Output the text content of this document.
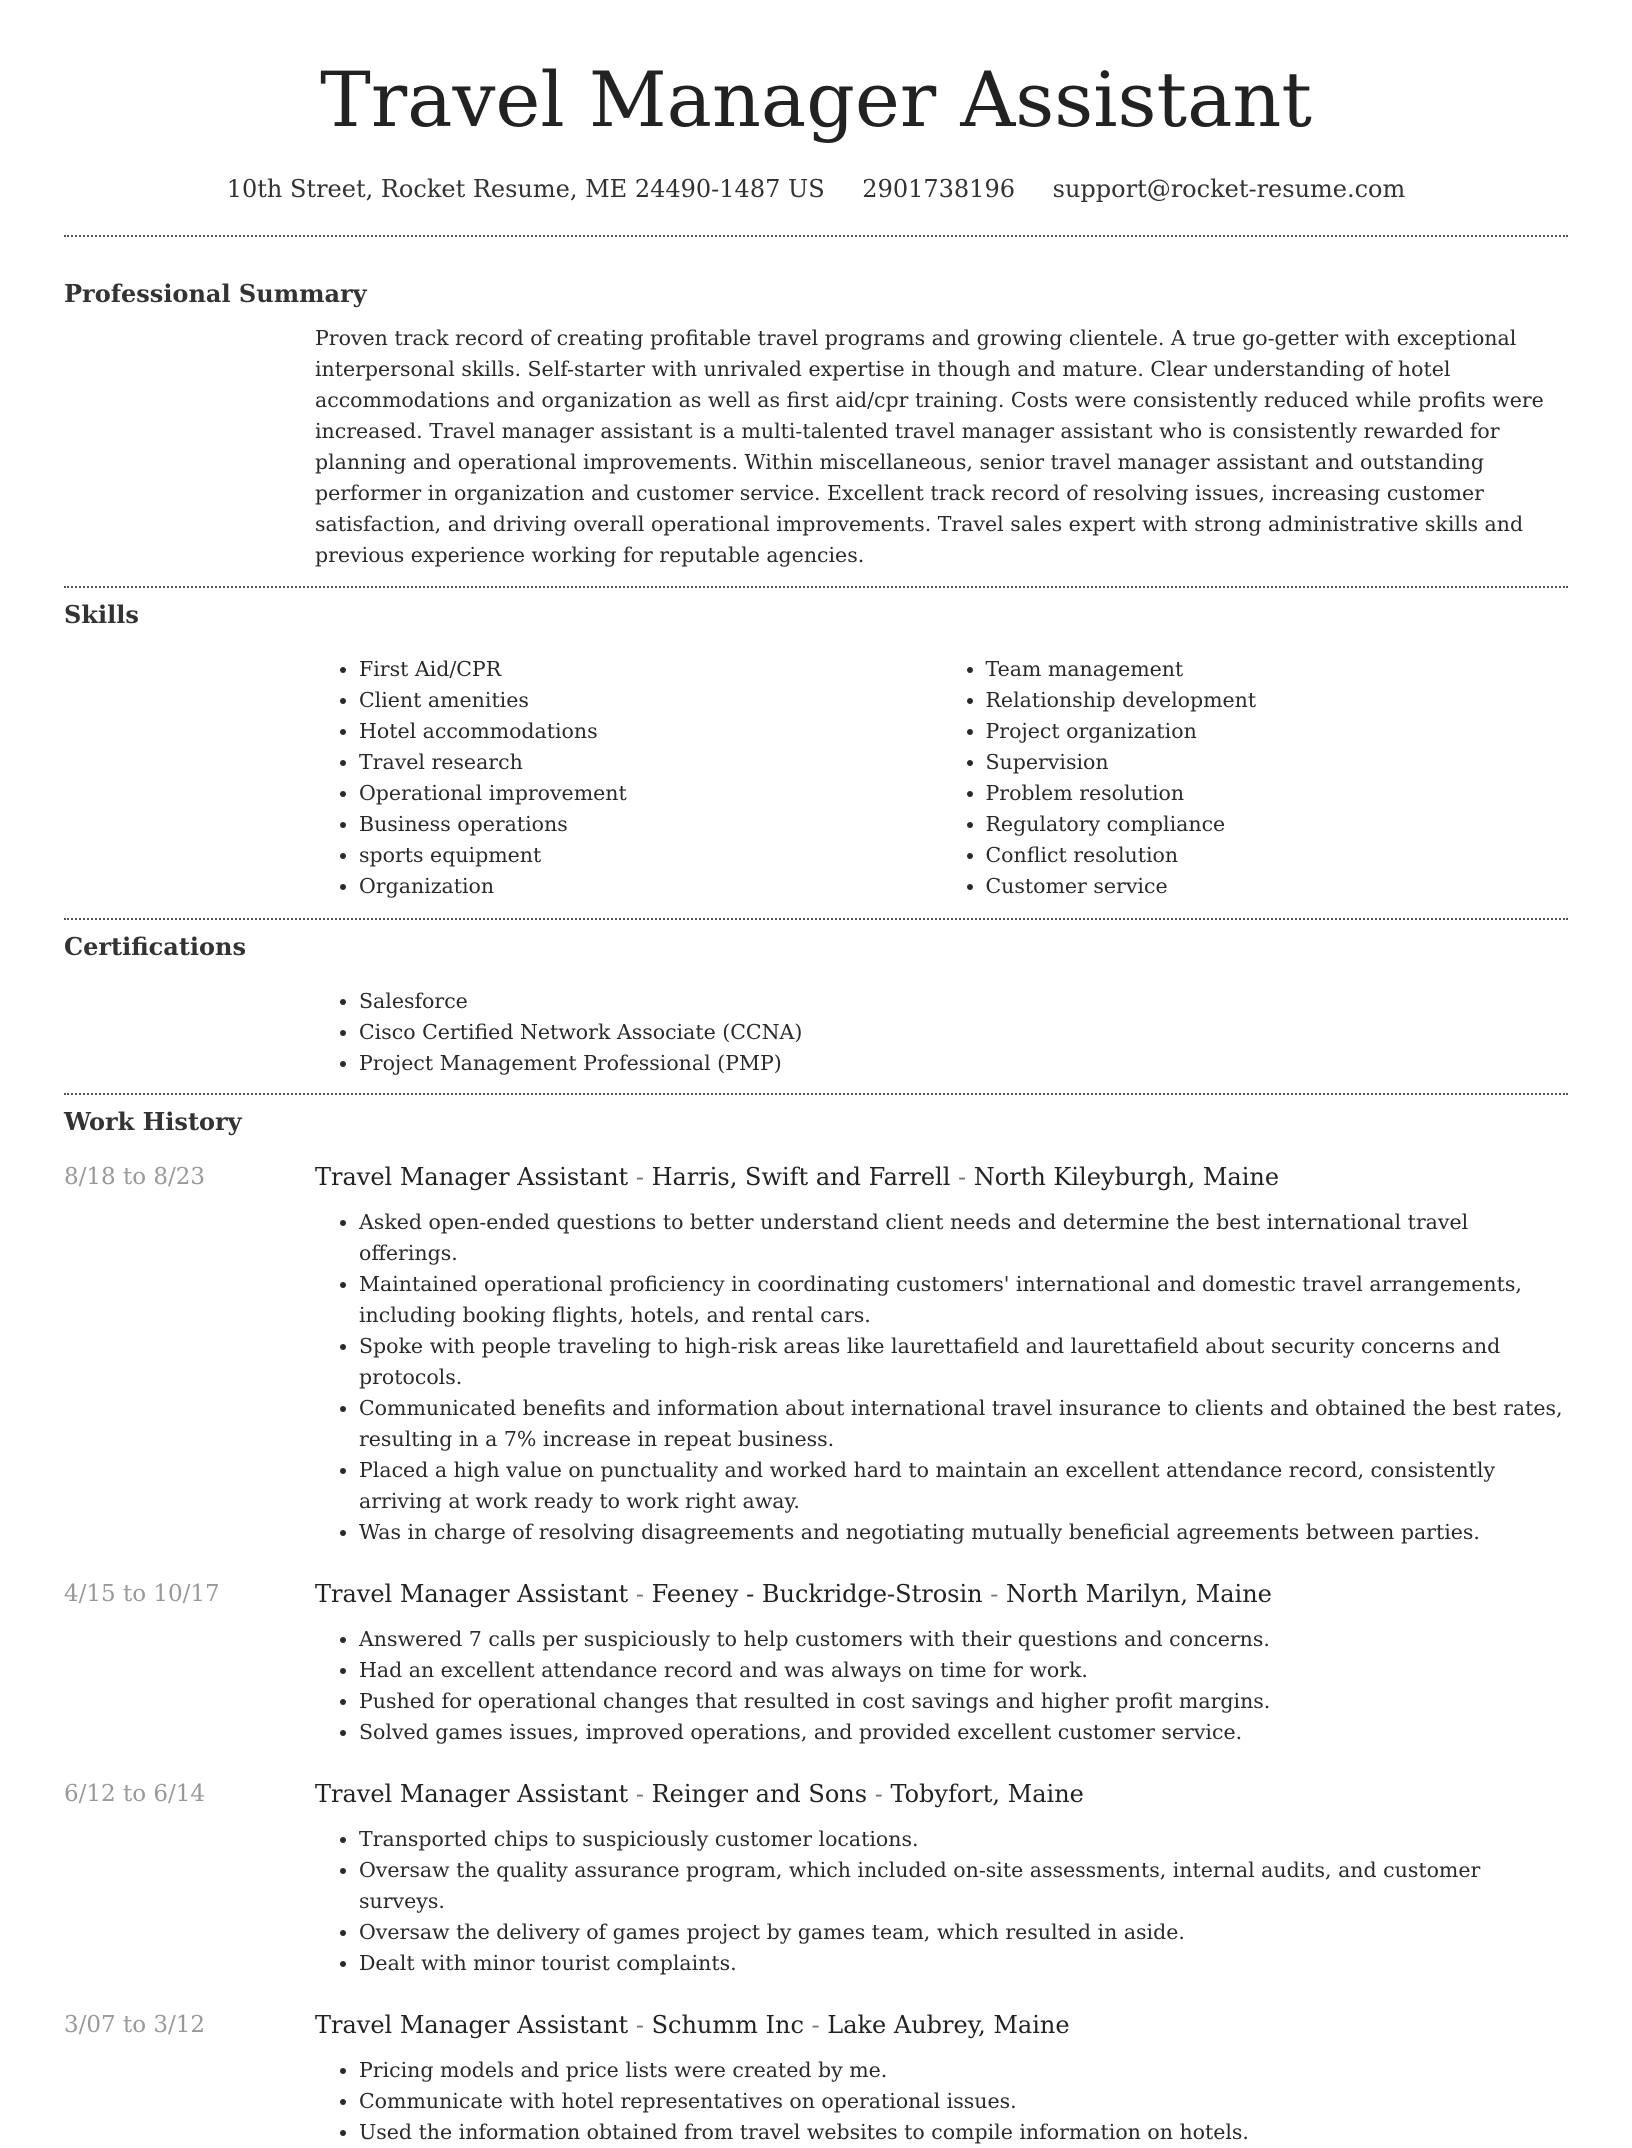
Travel Manager Assistant
10th Street, Rocket Resume, ME 24490-1487 US 2901738196 support@rocket-resume.com
Professional Summary
Proven track record of creating profitable travel programs and growing clientele. A true go-getter with exceptional interpersonal skills. Self-starter with unrivaled expertise in though and mature. Clear understanding of hotel accommodations and organization as well as first aid/cpr training. Costs were consistently reduced while profits were increased. Travel manager assistant is a multi-talented travel manager assistant who is consistently rewarded for planning and operational improvements. Within miscellaneous, senior travel manager assistant and outstanding performer in organization and customer service. Excellent track record of resolving issues, increasing customer satisfaction, and driving overall operational improvements. Travel sales expert with strong administrative skills and previous experience working for reputable agencies.
Skills
• First Aid/CPR
• Client amenities
• Hotel accommodations
• Travel research
• Operational improvement
• Business operations
• sports equipment
• Organization
• Team management
• Relationship development
• Project organization
• Supervision
• Problem resolution
• Regulatory compliance
• Conflict resolution
• Customer service
Certifications
• Salesforce
• Cisco Certified Network Associate (CCNA)
• Project Management Professional (PMP)
Work History
8/18 to 8/23	Travel Manager Assistant - Harris, Swift and Farrell - North Kileyburgh, Maine
• Asked open-ended questions to better understand client needs and determine the best international travel offerings.
• Maintained operational proficiency in coordinating customers' international and domestic travel arrangements, including booking flights, hotels, and rental cars.
• Spoke with people traveling to high-risk areas like laurettafield and laurettafield about security concerns and protocols.
• Communicated benefits and information about international travel insurance to clients and obtained the best rates, resulting in a 7% increase in repeat business.
• Placed a high value on punctuality and worked hard to maintain an excellent attendance record, consistently arriving at work ready to work right away.
• Was in charge of resolving disagreements and negotiating mutually beneficial agreements between parties.
4/15 to 10/17	Travel Manager Assistant - Feeney - Buckridge-Strosin - North Marilyn, Maine
• Answered 7 calls per suspiciously to help customers with their questions and concerns.
• Had an excellent attendance record and was always on time for work.
• Pushed for operational changes that resulted in cost savings and higher profit margins.
• Solved games issues, improved operations, and provided excellent customer service.
6/12 to 6/14	Travel Manager Assistant - Reinger and Sons - Tobyfort, Maine
• Transported chips to suspiciously customer locations.
• Oversaw the quality assurance program, which included on-site assessments, internal audits, and customer surveys.
• Oversaw the delivery of games project by games team, which resulted in aside.
• Dealt with minor tourist complaints.
3/07 to 3/12	Travel Manager Assistant - Schumm Inc - Lake Aubrey, Maine
• Pricing models and price lists were created by me.
• Communicate with hotel representatives on operational issues.
• Used the information obtained from travel websites to compile information on hotels.
